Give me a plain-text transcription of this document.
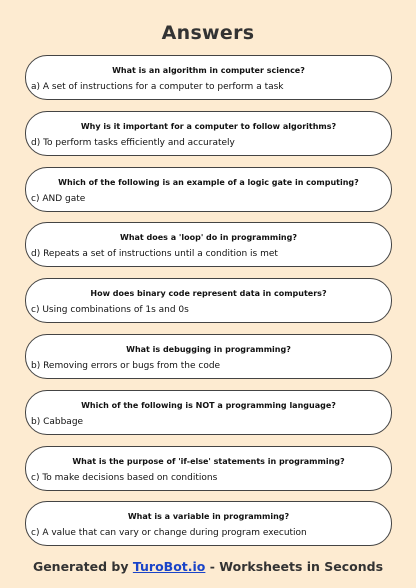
Answers
What is an algorithm in computer science?
a) A set of instructions for a computer to perform a task
Why is it important for a computer to follow algorithms?
d) To perform tasks efficiently and accurately
Which of the following is an example of a logic gate in computing?
c) AND gate
What does a 'loop' do in programming?
d) Repeats a set of instructions until a condition is met
How does binary code represent data in computers?
c) Using combinations of 1s and 0s
What is debugging in programming?
b) Removing errors or bugs from the code
Which of the following is NOT a programming language?
b) Cabbage
What is the purpose of 'if-else' statements in programming?
c) To make decisions based on conditions
What is a variable in programming?
c) A value that can vary or change during program execution
Generated by TuroBot.io - Worksheets in Seconds
